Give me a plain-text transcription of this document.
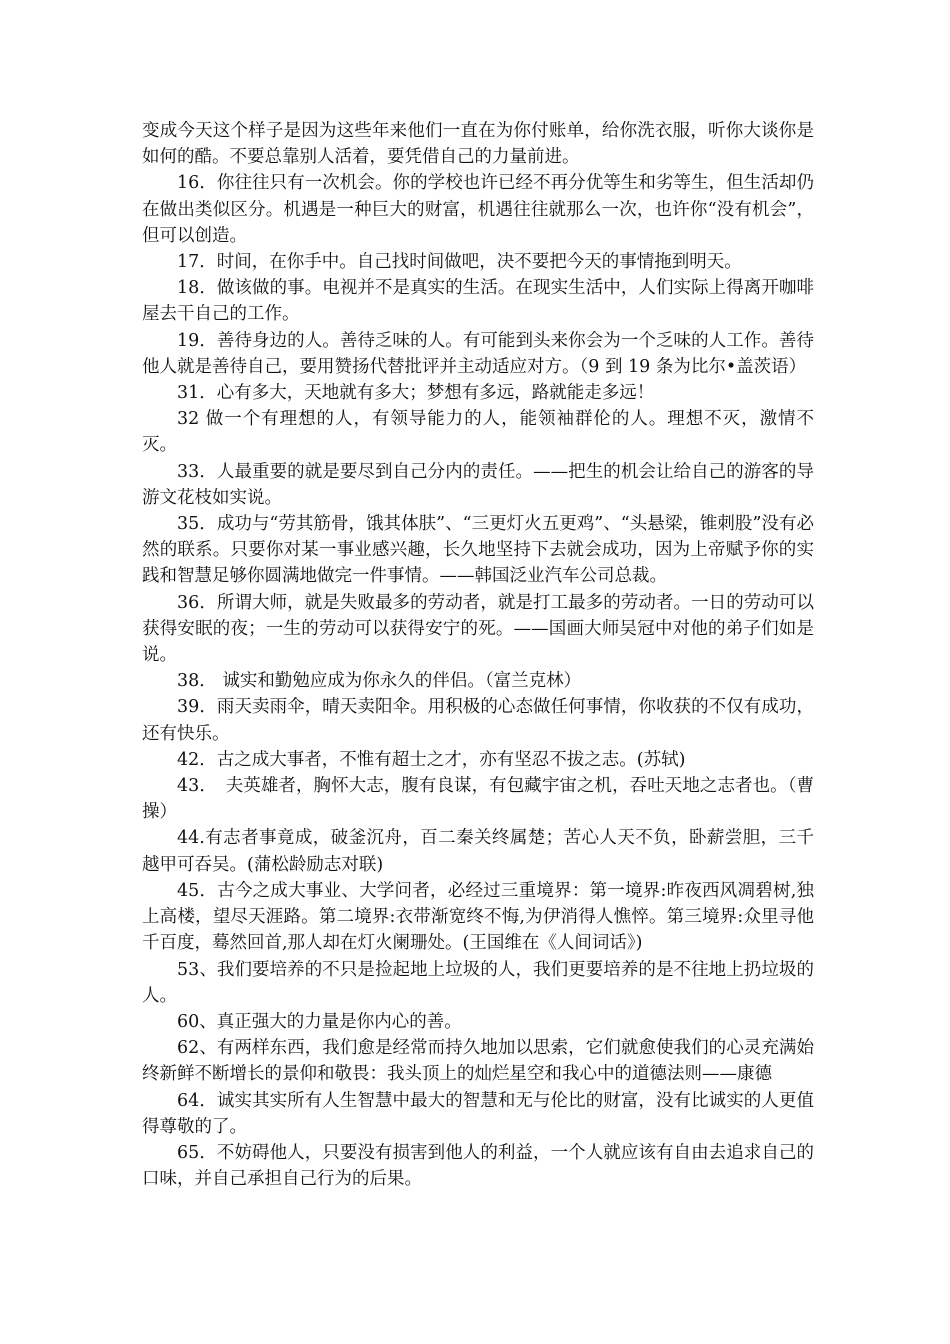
变成今天这个样子是因为这些年来他们一直在为你付账单，给你洗衣服，听你大谈你是如何的酷。不要总靠别人活着，要凭借自己的力量前进。

16．你往往只有一次机会。你的学校也许已经不再分优等生和劣等生，但生活却仍在做出类似区分。机遇是一种巨大的财富，机遇往往就那么一次，也许你“没有机会”，但可以创造。

17．时间，在你手中。自己找时间做吧，决不要把今天的事情拖到明天。

18．做该做的事。电视并不是真实的生活。在现实生活中，人们实际上得离开咖啡屋去干自己的工作。

19．善待身边的人。善待乏味的人。有可能到头来你会为一个乏味的人工作。善待他人就是善待自己，要用赞扬代替批评并主动适应对方。（9 到 19 条为比尔•盖茨语）

31．心有多大，天地就有多大；梦想有多远，路就能走多远！

32 做一个有理想的人，有领导能力的人，能领袖群伦的人。理想不灭，激情不灭。

33．人最重要的就是要尽到自己分内的责任。——把生的机会让给自己的游客的导游文花枝如实说。

35．成功与“劳其筋骨，饿其体肤”、“三更灯火五更鸡”、“头悬梁，锥刺股”没有必然的联系。只要你对某一事业感兴趣，长久地坚持下去就会成功，因为上帝赋予你的实践和智慧足够你圆满地做完一件事情。——韩国泛业汽车公司总裁。

36．所谓大师，就是失败最多的劳动者，就是打工最多的劳动者。一日的劳动可以获得安眠的夜；一生的劳动可以获得安宁的死。——国画大师吴冠中对他的弟子们如是说。

38． 诚实和勤勉应成为你永久的伴侣。（富兰克林）

39．雨天卖雨伞，晴天卖阳伞。用积极的心态做任何事情，你收获的不仅有成功，还有快乐。

42．古之成大事者，不惟有超士之才，亦有坚忍不拔之志。(苏轼)

43．　夫英雄者，胸怀大志，腹有良谋，有包藏宇宙之机，吞吐天地之志者也。（曹操）

44.有志者事竟成，破釜沉舟，百二秦关终属楚；苦心人天不负，卧薪尝胆，三千越甲可吞吴。(蒲松龄励志对联)

45．古今之成大事业、大学问者，必经过三重境界：第一境界:昨夜西风凋碧树,独上高楼，望尽天涯路。第二境界:衣带渐宽终不悔,为伊消得人憔悴。第三境界:众里寻他千百度，蓦然回首,那人却在灯火阑珊处。(王国维在《人间词话》)

53、我们要培养的不只是捡起地上垃圾的人，我们更要培养的是不往地上扔垃圾的人。

60、真正强大的力量是你内心的善。

62、有两样东西，我们愈是经常而持久地加以思索，它们就愈使我们的心灵充满始终新鲜不断增长的景仰和敬畏：我头顶上的灿烂星空和我心中的道德法则——康德

64．诚实其实所有人生智慧中最大的智慧和无与伦比的财富，没有比诚实的人更值得尊敬的了。

65．不妨碍他人，只要没有损害到他人的利益，一个人就应该有自由去追求自己的口味，并自己承担自己行为的后果。
